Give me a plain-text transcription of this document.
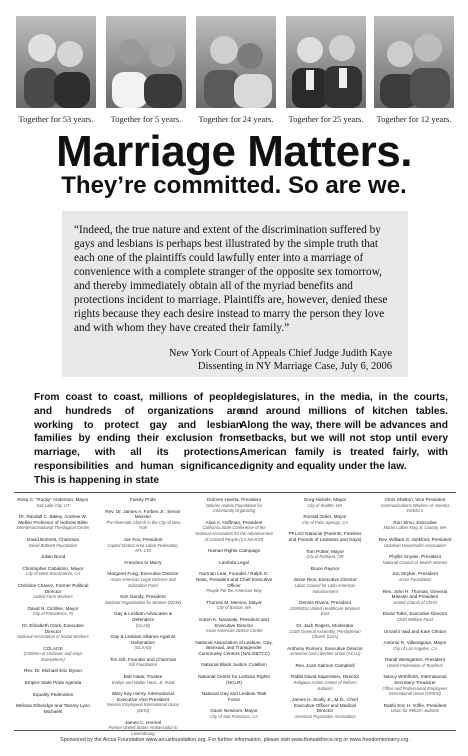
Together for 53 years.	Together for 5 years.	Together for 24 years.	Together for 25 years.	Together for 12 years.
Marriage Matters.
They’re committed. So are we.

“Indeed, the true nature and extent of the discrimination suffered by gays and lesbians is perhaps best illustrated by the simple truth that each one of the plaintiffs could lawfully enter into a marriage of convenience with a complete stranger of the opposite sex tomorrow, and thereby immediately obtain all of the myriad benefits and protections incident to marriage. Plaintiffs are, however, denied these rights because they each desire instead to marry the person they love and with whom they have created their family.”

New York Court of Appeals Chief Judge Judith Kaye
Dissenting in NY Marriage Case, July 6, 2006

From coast to coast, millions of people and hundreds of organizations are working to protect gay and lesbian families by ending their exclusion from marriage, with all its protections, responsibilities and human significance. This is happening in state

legislatures, in the media, in the courts, and around millions of kitchen tables. Along the way, there will be advances and setbacks, but we will not stop until every American family is treated fairly, with dignity and equality under the law.

Rosa C. “Rocky” Anderson, Mayor
Salt Lake City, UT
Dr. Randall C. Bailey, Andrew W. Mellon Professor of Hebrew Bible
Interdenominational Theological Center
David Bohnett, Chairman
David Bohnett Foundation
Julian Bond
Christopher Cabaldon, Mayor
City of West Sacramento, CA
Christine Chavez, Former Political Director
United Farm Workers
David N. Cicilline, Mayor
City of Providence, RI
Dr. Elizabeth Clark, Executive Director
National Association of Social Workers
COLAGE
(Children of Lesbians and Gays Everywhere)
Rev. Dr. Michael Eric Dyson
Empire State Pride Agenda
Equality Federation
Melissa Etheridge and Tammy Lynn Michaels
Family Pride
Rev. Dr. James A. Forbes Jr., Senior Minister
The Riverside Church in the City of New York
Joe Fox, President
Capitol District Area Labor Federation, AFL-CIO
Freedom to Marry
Margaret Fung, Executive Director
Asian American Legal Defense and Education Fund
Kim Gandy, President
National Organization for Women (NOW)
Gay & Lesbian Advocates & Defenders
(GLAD)
Gay & Lesbian Alliance Against Defamation
(GLAAD)
Tim Gill, Founder and Chairman
Gill Foundation
Bob Haas, Trustee
Evelyn and Walter Haas, Jr. Fund
Mary Kay Henry, International Executive Vice President
Service Employees International Union (SEIU)
James C. Hormel
Former United States Ambassador to Luxembourg
Dolores Huerta, President
Dolores Huerta Foundation for Community Organizing
Alice A. Huffman, President
California State Conference of the National Association for the Advancement of Colored People (CA NAACP)
Human Rights Campaign
Lambda Legal
Norman Lear, Founder / Ralph G. Neas, President and Chief Executive Officer
People For the American Way
Thomas M. Menino, Mayor
City of Boston, MA
Karen K. Narasaki, President and Executive Director
Asian American Justice Center
National Association of Lesbian, Gay, Bisexual, and Transgender Community Centers (NALGBTCC)
National Black Justice Coalition
National Center for Lesbian Rights (NCLR)
National Gay and Lesbian Task Force
Gavin Newsom, Mayor
City of San Francisco, CA
Greg Nickels, Mayor
City of Seattle, WA
Ronald Oden, Mayor
City of Palm Springs, CA
PFLAG National (Parents, Families and Friends of Lesbians and Gays)
Tom Potter, Mayor
City of Portland, OR
Bruce Raynor
Jesse Rios, Executive Director
Labor Council for Latin American Advancement
Dennis Rivera, President
1199SEIU United Healthcare Workers East
Dr. Jack Rogers, Moderator
213th General Assembly, Presbyterian Church (USA)
Anthony Romero, Executive Director
American Civil Liberties Union (ACLU)
Rev. Joan Salmon Campbell
Rabbi David Saperstein, Director
Religious Action Center of Reform Judaism
James H. Scully Jr., M.D., Chief Executive Officer and Medical Director
American Psychiatric Association
Chris Shelton, Vice President
Communications Workers of America District 1
Ron Simo, Executive
Martin Luther King Jr. County, WA
Rev. William G. Sinkford, President
Unitarian Universalist Association
Phyllis Snyder, President
National Council of Jewish Women
Jon Stryker, President
Arcus Foundation
Rev. John H. Thomas, General Minister and President
United Church of Christ
David Tobis, Executive Director
Child Welfare Fund
Urvashi Vaid and Kate Clinton
Antonio R. Villaraigosa, Mayor
City of Los Angeles, CA
Randi Weingarten, President
United Federation of Teachers
Nancy Wohlforth, International Secretary-Treasurer
Office and Professional Employees International Union (OPEIU)
Rabbi Eric H. Yoffie, President
Union for Reform Judaism
Sponsored by the Arcus Foundation www.arcusfoundation.org. For further information, please visit www.thetaskforce.org or www.freedomtomarry.org.
